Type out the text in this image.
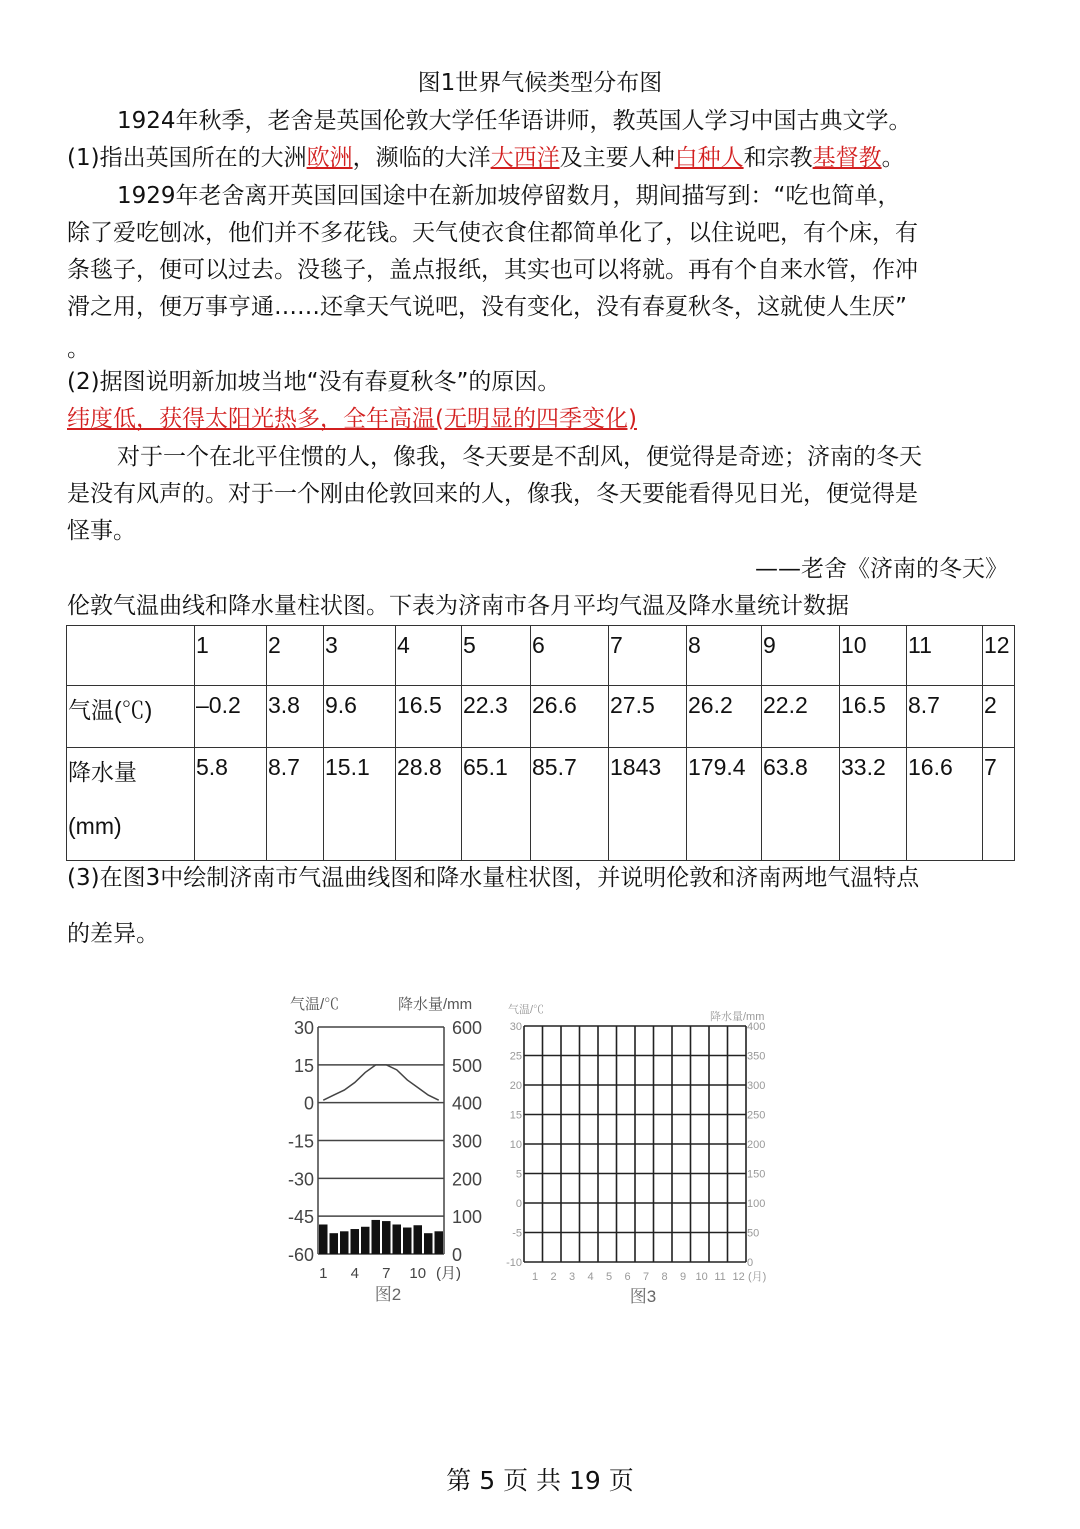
图1世界气候类型分布图
1924年秋季，老舍是英国伦敦大学任华语讲师，教英国人学习中国古典文学。
(1)指出英国所在的大洲欧洲，濒临的大洋大西洋及主要人种白种人和宗教基督教。
1929年老舍离开英国回国途中在新加坡停留数月，期间描写到：“吃也简单，
除了爱吃刨冰，他们并不多花钱。天气使衣食住都简单化了，以住说吧，有个床，有
条毯子，便可以过去。没毯子，盖点报纸，其实也可以将就。再有个自来水管，作冲
滑之用，便万事亨通……还拿天气说吧，没有变化，没有春夏秋冬，这就使人生厌”
。
(2)据图说明新加坡当地“没有春夏秋冬”的原因。
纬度低，获得太阳光热多，全年高温(无明显的四季变化)
对于一个在北平住惯的人，像我，冬天要是不刮风，便觉得是奇迹；济南的冬天
是没有风声的。对于一个刚由伦敦回来的人，像我，冬天要能看得见日光，便觉得是
怪事。
——老舍《济南的冬天》
伦敦气温曲线和降水量柱状图。下表为济南市各月平均气温及降水量统计数据
	1	2	3	4	5	6	7	8	9	10	11	12
气温(℃)	–0.2	3.8	9.6	16.5	22.3	26.6	27.5	26.2	22.2	16.5	8.7	2

降水量
(mm)	5.8	8.7	15.1	28.8	65.1	85.7	1843	179.4	63.8	33.2	16.6	7
(3)在图3中绘制济南市气温曲线图和降水量柱状图，并说明伦敦和济南两地气温特点
的差异。
30	600
15	500
0	400
-15	300
-30	200
-45	100
-60	0
1 4 7 10 (月)
气温/℃	降水量/mm
图2
30	400
25	350
20	300
15	250
10	200
5	150
0	100
-5	50
-10	0
1 2 3 4 5 6 7 8 9 10 11 12 (月)
气温/℃
降水量/mm
图3
第 5 页 共 19 页
